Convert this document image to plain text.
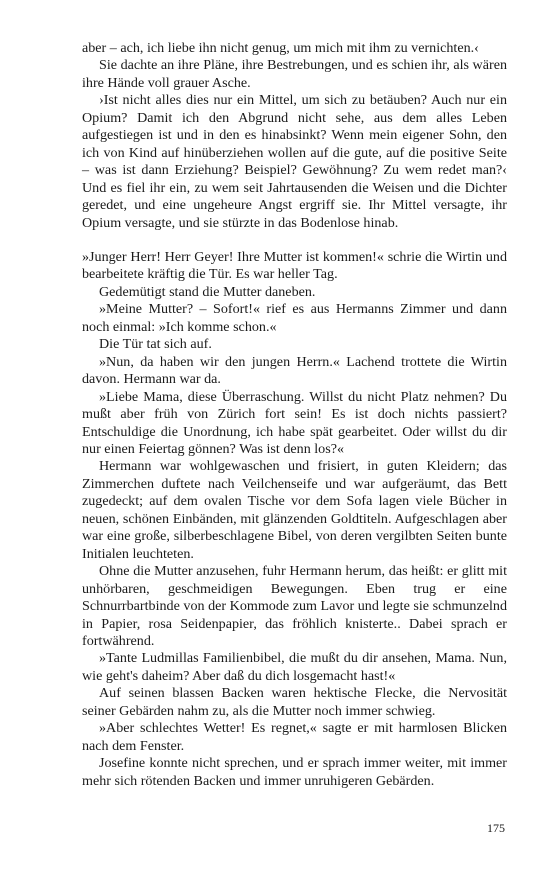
aber – ach, ich liebe ihn nicht genug, um mich mit ihm zu vernichten.‹

Sie dachte an ihre Pläne, ihre Bestrebungen, und es schien ihr, als wären ihre Hände voll grauer Asche.

›Ist nicht alles dies nur ein Mittel, um sich zu betäuben? Auch nur ein Opium? Damit ich den Abgrund nicht sehe, aus dem alles Leben aufgestiegen ist und in den es hinabsinkt? Wenn mein eigener Sohn, den ich von Kind auf hinüberziehen wollen auf die gute, auf die positive Seite – was ist dann Erziehung? Beispiel? Gewöhnung? Zu wem redet man?‹ Und es fiel ihr ein, zu wem seit Jahrtausenden die Weisen und die Dichter geredet, und eine ungeheure Angst ergriff sie. Ihr Mittel versagte, ihr Opium versagte, und sie stürzte in das Bodenlose hinab.

»Junger Herr! Herr Geyer! Ihre Mutter ist kommen!« schrie die Wirtin und bearbeitete kräftig die Tür. Es war heller Tag.

Gedemütigt stand die Mutter daneben.

»Meine Mutter? – Sofort!« rief es aus Hermanns Zimmer und dann noch einmal: »Ich komme schon.«

Die Tür tat sich auf.

»Nun, da haben wir den jungen Herrn.« Lachend trottete die Wirtin davon. Hermann war da.

»Liebe Mama, diese Überraschung. Willst du nicht Platz nehmen? Du mußt aber früh von Zürich fort sein! Es ist doch nichts passiert? Entschuldige die Unordnung, ich habe spät gearbeitet. Oder willst du dir nur einen Feiertag gönnen? Was ist denn los?«

Hermann war wohlgewaschen und frisiert, in guten Kleidern; das Zimmerchen duftete nach Veilchenseife und war aufgeräumt, das Bett zugedeckt; auf dem ovalen Tische vor dem Sofa lagen viele Bücher in neuen, schönen Einbänden, mit glänzenden Goldtiteln. Aufgeschlagen aber war eine große, silberbeschlagene Bibel, von deren vergilbten Seiten bunte Initialen leuchteten.

Ohne die Mutter anzusehen, fuhr Hermann herum, das heißt: er glitt mit unhörbaren, geschmeidigen Bewegungen. Eben trug er eine Schnurrbartbinde von der Kommode zum Lavor und legte sie schmunzelnd in Papier, rosa Seidenpapier, das fröhlich knisterte.. Dabei sprach er fortwährend.

»Tante Ludmillas Familienbibel, die mußt du dir ansehen, Mama. Nun, wie geht's daheim? Aber daß du dich losgemacht hast!«

Auf seinen blassen Backen waren hektische Flecke, die Nervosität seiner Gebärden nahm zu, als die Mutter noch immer schwieg.

»Aber schlechtes Wetter! Es regnet,« sagte er mit harmlosen Blicken nach dem Fenster.

Josefine konnte nicht sprechen, und er sprach immer weiter, mit immer mehr sich rötenden Backen und immer unruhigeren Gebärden.

175
